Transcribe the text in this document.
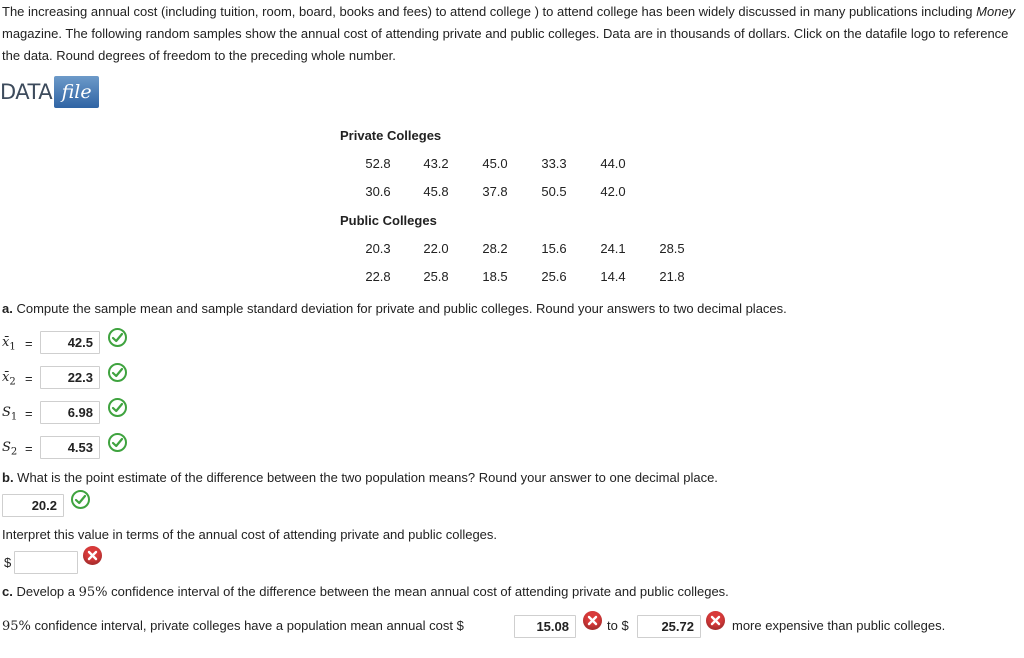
The increasing annual cost (including tuition, room, board, books and fees) to attend college ) to attend college has been widely discussed in many publications including Money magazine. The following random samples show the annual cost of attending private and public colleges. Data are in thousands of dollars. Click on the datafile logo to reference the data. Round degrees of freedom to the preceding whole number.
DATA file
Private Colleges
52.8	43.2	45.0	33.3	44.0
30.6	45.8	37.8	50.5	42.0
Public Colleges
20.3	22.0	28.2	15.6	24.1	28.5
22.8	25.8	18.5	25.6	14.4	21.8
a. Compute the sample mean and sample standard deviation for private and public colleges. Round your answers to two decimal places.
$x̄_1$ =	42.5
$x̄_2$ =	22.3
$S_1$ =	6.98
$S_2$ =	4.53
b. What is the point estimate of the difference between the two population means? Round your answer to one decimal place.
20.2
Interpret this value in terms of the annual cost of attending private and public colleges.
$
c. Develop a 95% confidence interval of the difference between the mean annual cost of attending private and public colleges.
95% confidence interval, private colleges have a population mean annual cost $	15.08	to $	25.72	more expensive than public colleges.
